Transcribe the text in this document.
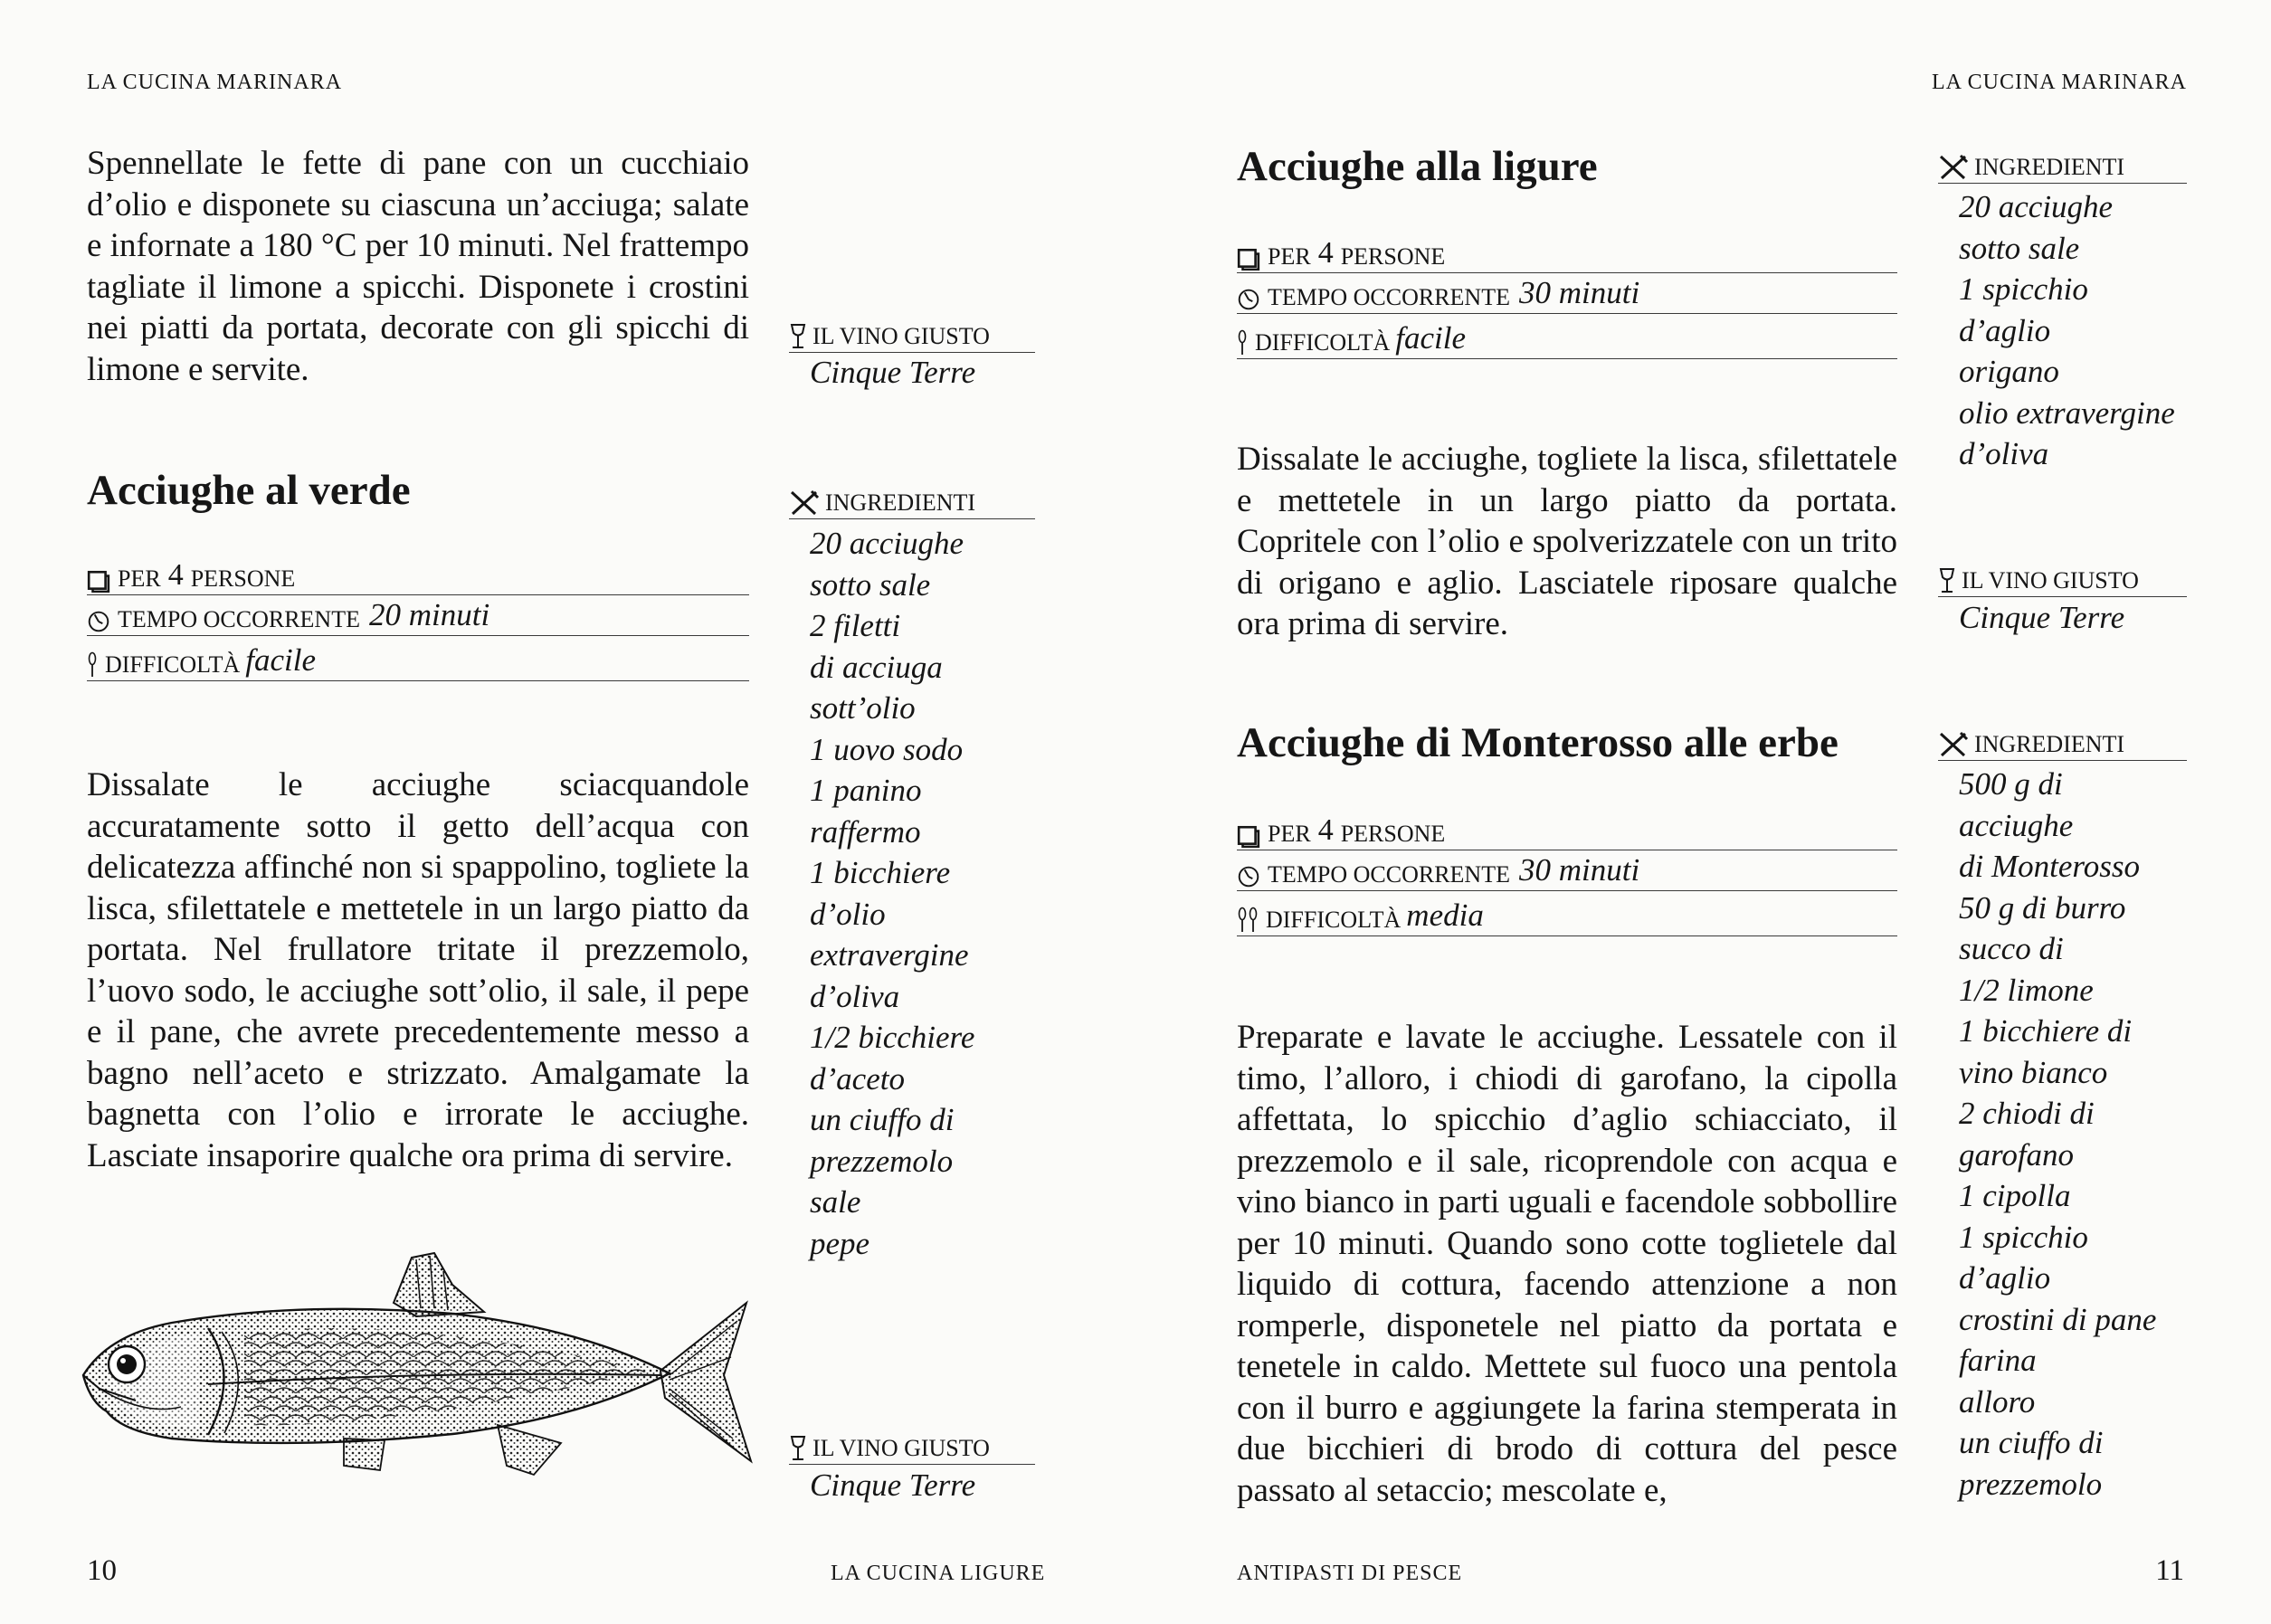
LA CUCINA MARINARA

Spennellate le fette di pane con un cucchiaio d’olio e disponete su ciascuna un’acciuga; salate e infornate a 180 °C per 10 minuti. Nel frattempo tagliate il limone a spicchi. Disponete i crostini nei piatti da portata, decorate con gli spicchi di limone e servite.

IL VINO GIUSTO
Cinque Terre
Acciughe al verde
PER 4 PERSONE
TEMPO OCCORRENTE 20 minuti
DIFFICOLTÀ facile

Dissalate le acciughe sciacquandole accuratamente sotto il getto dell’acqua con delicatezza affinché non si spappolino, togliete la lisca, sfilettatele e mettetele in un largo piatto da portata. Nel frullatore tritate il prezzemolo, l’uovo sodo, le acciughe sott’olio, il sale, il pepe e il pane, che avrete precedentemente messo a bagno nell’aceto e strizzato. Amalgamate la bagnetta con l’olio e irrorate le acciughe. Lasciate insaporire qualche ora prima di servire.

INGREDIENTI
20 acciughe
sotto sale
2 filetti
di acciuga
sott’olio
1 uovo sodo
1 panino
raffermo
1 bicchiere
d’olio
extravergine
d’oliva
1/2 bicchiere
d’aceto
un ciuffo di
prezzemolo
sale
pepe
IL VINO GIUSTO
Cinque Terre
10	LA CUCINA LIGURE
LA CUCINA MARINARA
Acciughe alla ligure
PER 4 PERSONE
TEMPO OCCORRENTE 30 minuti
DIFFICOLTÀ facile

Dissalate le acciughe, togliete la lisca, sfilettatele e mettetele in un largo piatto da portata. Copritele con l’olio e spolverizzatele con un trito di origano e aglio. Lasciatele riposare qualche ora prima di servire.

INGREDIENTI
20 acciughe
sotto sale
1 spicchio
d’aglio
origano
olio extravergine
d’oliva
IL VINO GIUSTO
Cinque Terre
Acciughe di Monterosso alle erbe
PER 4 PERSONE
TEMPO OCCORRENTE 30 minuti
DIFFICOLTÀ media

Preparate e lavate le acciughe. Lessatele con il timo, l’alloro, i chiodi di garofano, la cipolla affettata, lo spicchio d’aglio schiacciato, il prezzemolo e il sale, ricoprendole con acqua e vino bianco in parti uguali e facendole sobbollire per 10 minuti. Quando sono cotte toglietele dal liquido di cottura, facendo attenzione a non romperle, disponetele nel piatto da portata e tenetele in caldo. Mettete sul fuoco una pentola con il burro e aggiungete la farina stemperata in due bicchieri di brodo di cottura del pesce passato al setaccio; mescolate e,

INGREDIENTI
500 g di
acciughe
di Monterosso
50 g di burro
succo di
1/2 limone
1 bicchiere di
vino bianco
2 chiodi di
garofano
1 cipolla
1 spicchio
d’aglio
crostini di pane
farina
alloro
un ciuffo di
prezzemolo
ANTIPASTI DI PESCE	11
